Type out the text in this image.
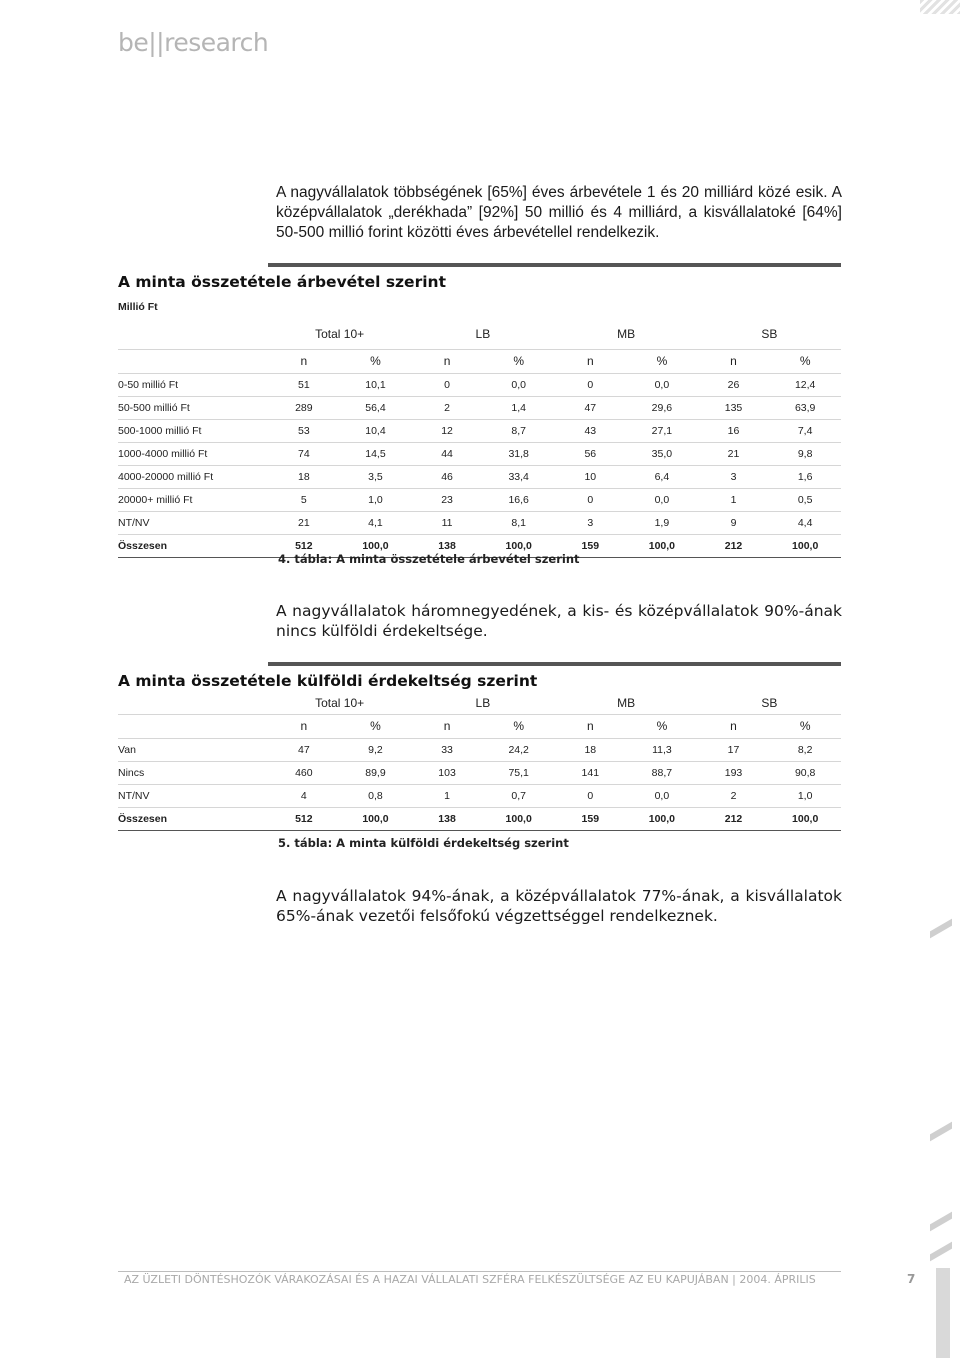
be||research

A nagyvállalatok többségének [65%] éves árbevétele 1 és 20 milliárd közé esik. A középvállalatok „derékhada” [92%] 50 millió és 4 milliárd, a kisvállalatoké [64%] 50-500 millió forint közötti éves árbevétellel rendelkezik.

A minta összetétele árbevétel szerint

Millió Ft

	Total 10+		LB		MB		SB	
	n	%	n	%	n	%	n	%
0-50 millió Ft	51	10,1	0	0,0	0	0,0	26	12,4
50-500 millió Ft	289	56,4	2	1,4	47	29,6	135	63,9
500-1000 millió Ft	53	10,4	12	8,7	43	27,1	16	7,4
1000-4000 millió Ft	74	14,5	44	31,8	56	35,0	21	9,8
4000-20000 millió Ft	18	3,5	46	33,4	10	6,4	3	1,6
20000+ millió Ft	5	1,0	23	16,6	0	0,0	1	0,5
NT/NV	21	4,1	11	8,1	3	1,9	9	4,4
Összesen	512	100,0	138	100,0	159	100,0	212	100,0

4. tábla: A minta összetétele árbevétel szerint

A nagyvállalatok háromnegyedének, a kis- és középvállalatok 90%-ának nincs külföldi érdekeltsége.

A minta összetétele külföldi érdekeltség szerint

	Total 10+		LB		MB		SB	
	n	%	n	%	n	%	n	%
Van	47	9,2	33	24,2	18	11,3	17	8,2
Nincs	460	89,9	103	75,1	141	88,7	193	90,8
NT/NV	4	0,8	1	0,7	0	0,0	2	1,0
Összesen	512	100,0	138	100,0	159	100,0	212	100,0

5. tábla: A minta külföldi érdekeltség szerint

A nagyvállalatok 94%-ának, a középvállalatok 77%-ának, a kisvállalatok 65%-ának vezetői felsőfokú végzettséggel rendelkeznek.

AZ ÜZLETI DÖNTÉSHOZÓK VÁRAKOZÁSAI ÉS A HAZAI VÁLLALATI SZFÉRA FELKÉSZÜLTSÉGE AZ EU KAPUJÁBAN | 2004. ÁPRILIS	7
